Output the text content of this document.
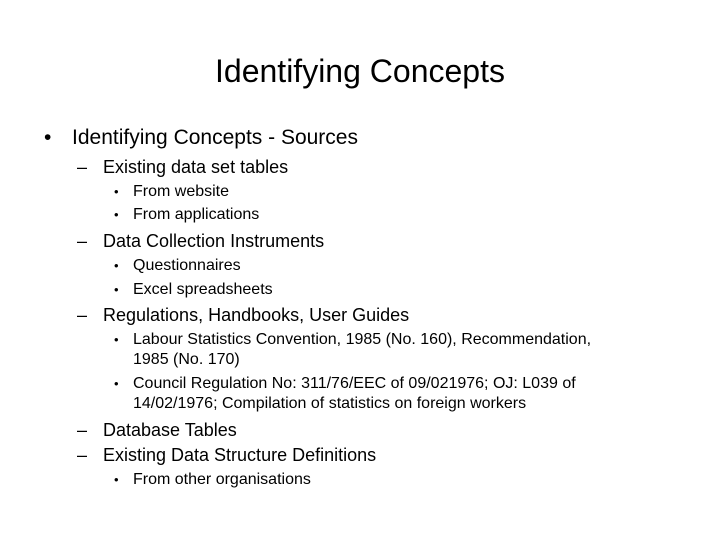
Identifying Concepts
• Identifying Concepts - Sources
– Existing data set tables
• From website
• From applications
– Data Collection Instruments
• Questionnaires
• Excel spreadsheets
– Regulations, Handbooks, User Guides
• Labour Statistics Convention, 1985 (No. 160), Recommendation,
1985 (No. 170)
• Council Regulation No: 311/76/EEC of 09/021976; OJ: L039 of
14/02/1976; Compilation of statistics on foreign workers
– Database Tables
– Existing Data Structure Definitions
• From other organisations
